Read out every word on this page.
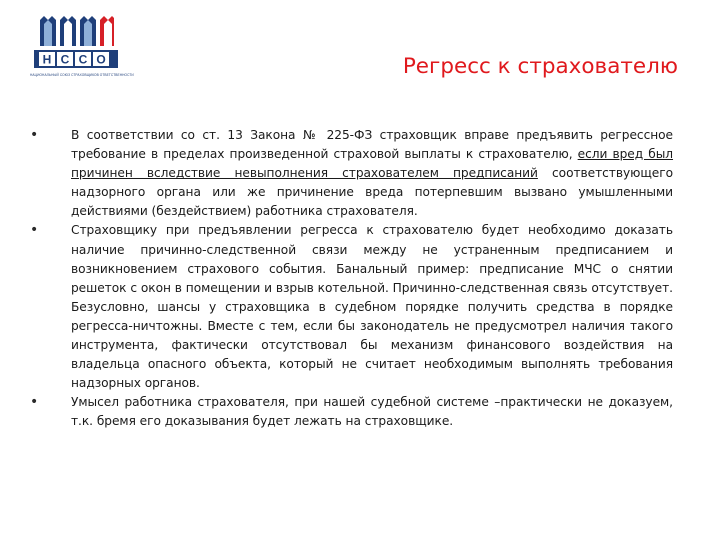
Н С С О
НАЦИОНАЛЬНЫЙ СОЮЗ СТРАХОВЩИКОВ ОТВЕТСТВЕННОСТИ	Регресс к страхователю
•	В соответствии со ст. 13 Закона № 225-ФЗ страховщик вправе предъявить регрессное требование в пределах произведенной страховой выплаты к страхователю, если вред был причинен вследствие невыполнения страхователем предписаний соответствующего надзорного органа или же причинение вреда потерпевшим вызвано умышленными действиями (бездействием) работника страхователя.
•	Страховщику при предъявлении регресса к страхователю будет необходимо доказать наличие причинно-следственной связи между не устраненным предписанием и возникновением страхового события. Банальный пример: предписание МЧС о снятии решеток с окон в помещении и взрыв котельной. Причинно-следственная связь отсутствует. Безусловно, шансы у страховщика в судебном порядке получить средства в порядке регресса-ничтожны. Вместе с тем, если бы законодатель не предусмотрел наличия такого инструмента, фактически отсутствовал бы механизм финансового воздействия на владельца опасного объекта, который не считает необходимым выполнять требования надзорных органов.
•	Умысел работника страхователя, при нашей судебной системе –практически не доказуем, т.к. бремя его доказывания будет лежать на страховщике.
